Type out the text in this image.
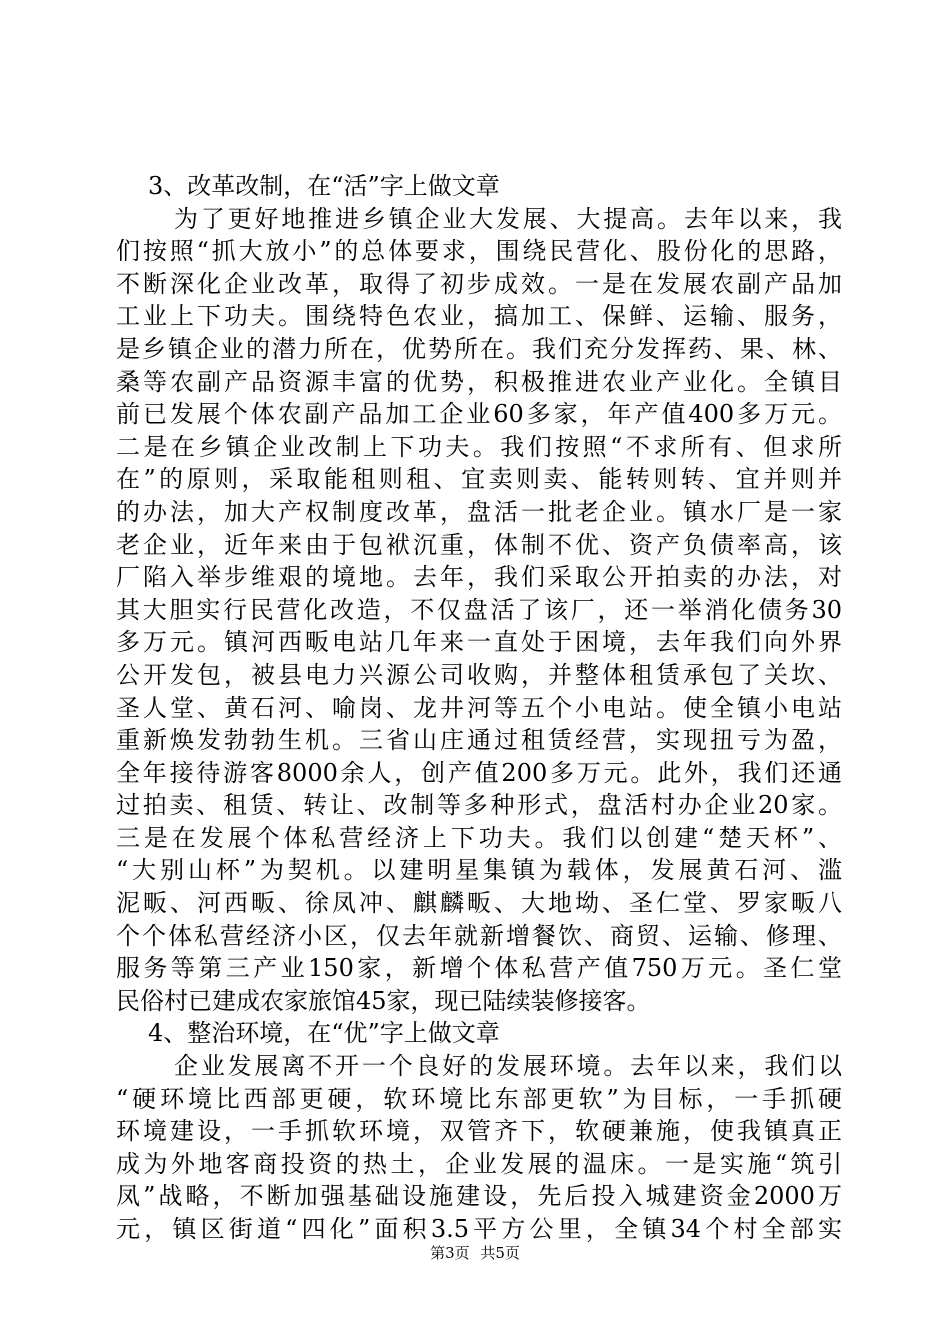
3、改革改制，在“活”字上做文章
为了更好地推进乡镇企业大发展、大提高。去年以来，我
们按照“抓大放小”的总体要求，围绕民营化、股份化的思路，
不断深化企业改革，取得了初步成效。一是在发展农副产品加
工业上下功夫。围绕特色农业，搞加工、保鲜、运输、服务，
是乡镇企业的潜力所在，优势所在。我们充分发挥药、果、林、
桑等农副产品资源丰富的优势，积极推进农业产业化。全镇目
前已发展个体农副产品加工企业60多家，年产值400多万元。
二是在乡镇企业改制上下功夫。我们按照“不求所有、但求所
在”的原则，采取能租则租、宜卖则卖、能转则转、宜并则并
的办法，加大产权制度改革，盘活一批老企业。镇水厂是一家
老企业，近年来由于包袱沉重，体制不优、资产负债率高，该
厂陷入举步维艰的境地。去年，我们采取公开拍卖的办法，对
其大胆实行民营化改造，不仅盘活了该厂，还一举消化债务30
多万元。镇河西畈电站几年来一直处于困境，去年我们向外界
公开发包，被县电力兴源公司收购，并整体租赁承包了关坎、
圣人堂、黄石河、喻岗、龙井河等五个小电站。使全镇小电站
重新焕发勃勃生机。三省山庄通过租赁经营，实现扭亏为盈，
全年接待游客8000余人，创产值200多万元。此外，我们还通
过拍卖、租赁、转让、改制等多种形式，盘活村办企业20家。
三是在发展个体私营经济上下功夫。我们以创建“楚天杯”、
“大别山杯”为契机。以建明星集镇为载体，发展黄石河、滥
泥畈、河西畈、徐凤冲、麒麟畈、大地坳、圣仁堂、罗家畈八
个个体私营经济小区，仅去年就新增餐饮、商贸、运输、修理、
服务等第三产业150家，新增个体私营产值750万元。圣仁堂
民俗村已建成农家旅馆45家，现已陆续装修接客。
4、整治环境，在“优”字上做文章
企业发展离不开一个良好的发展环境。去年以来，我们以
“硬环境比西部更硬，软环境比东部更软”为目标，一手抓硬
环境建设，一手抓软环境，双管齐下，软硬兼施，使我镇真正
成为外地客商投资的热土，企业发展的温床。一是实施“筑引
凤”战略，不断加强基础设施建设，先后投入城建资金2000万
元，镇区街道“四化”面积3.5平方公里，全镇34个村全部实
第3页 共5页
